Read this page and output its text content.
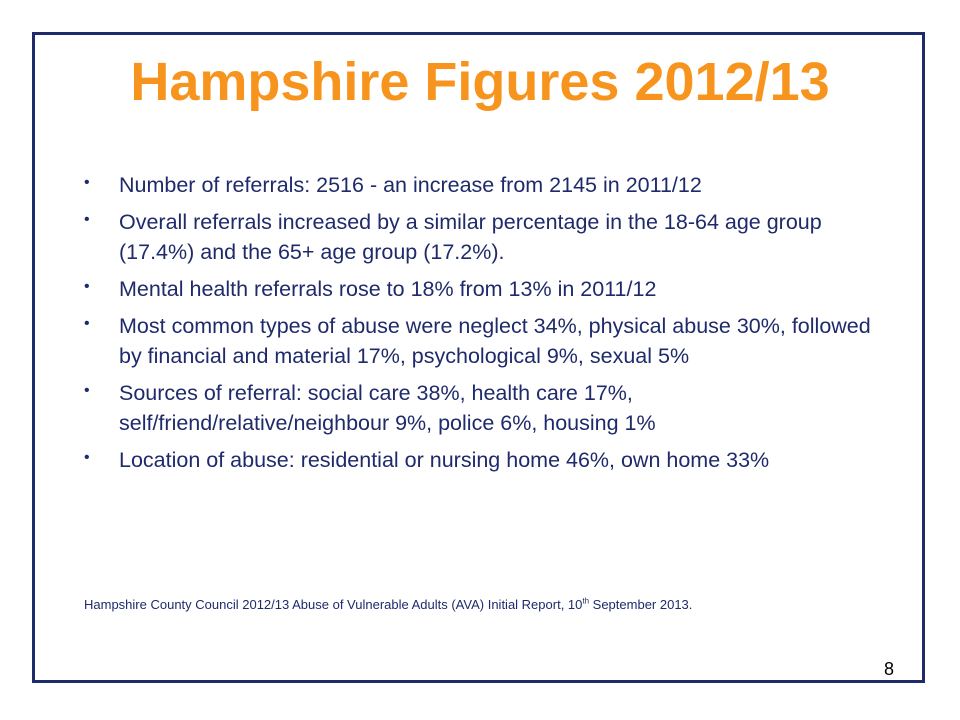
Hampshire Figures 2012/13
• Number of referrals: 2516 - an increase from 2145 in 2011/12
• Overall referrals increased by a similar percentage in the 18-64 age group (17.4%) and the 65+ age group (17.2%).
• Mental health referrals rose to 18% from 13% in 2011/12
• Most common types of abuse were neglect 34%, physical abuse 30%, followed by financial and material 17%, psychological 9%, sexual 5%
• Sources of referral: social care 38%, health care 17%, self/friend/relative/neighbour 9%, police 6%, housing 1%
• Location of abuse: residential or nursing home 46%, own home 33%
Hampshire County Council 2012/13 Abuse of Vulnerable Adults (AVA) Initial Report, 10th September 2013.
8
